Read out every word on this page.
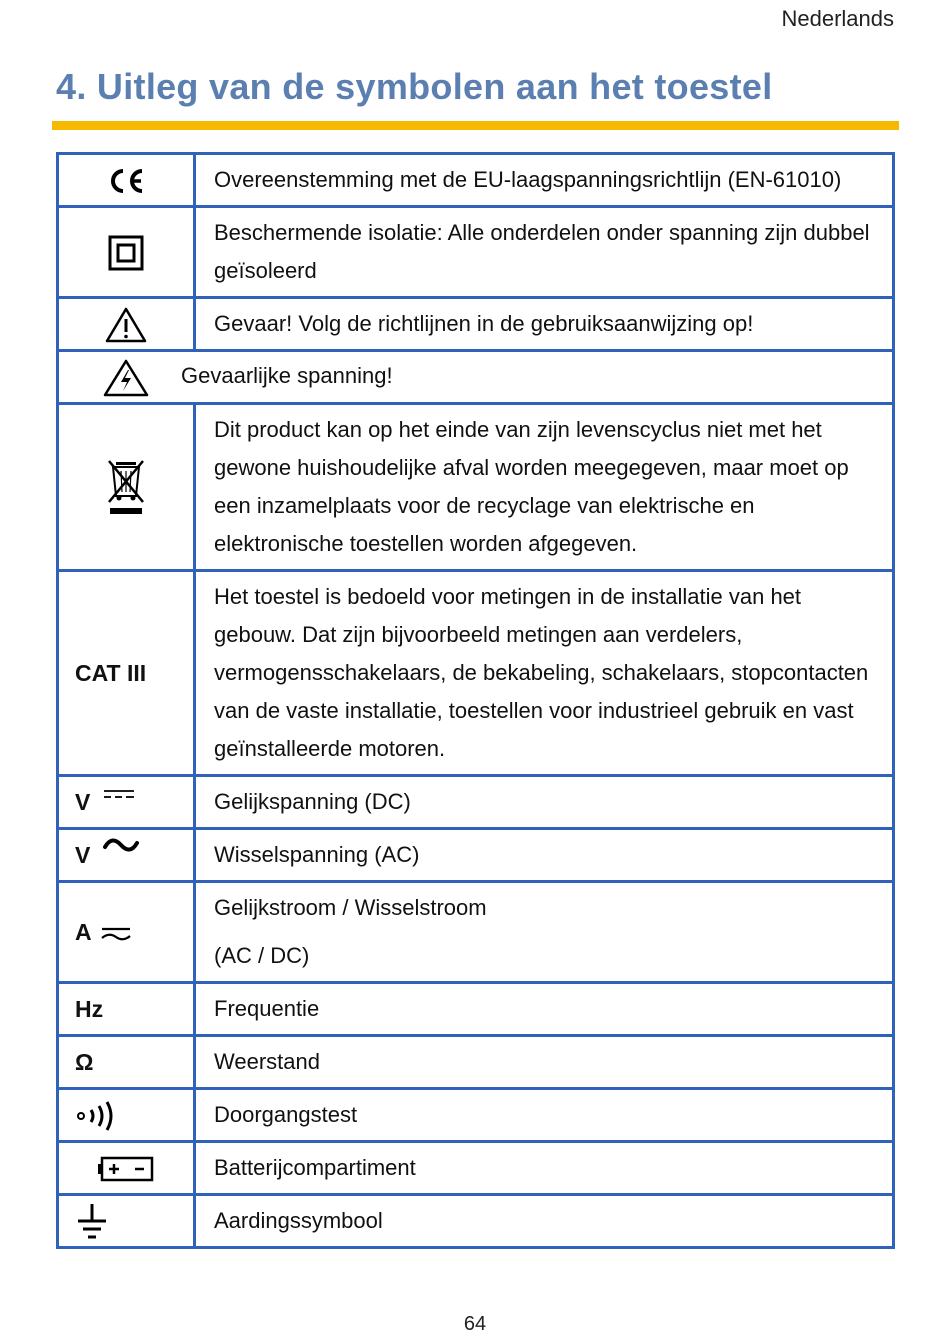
Nederlands
4. Uitleg van de symbolen aan het toestel
	Overeenstemming met de EU-laagspanningsrichtlijn (EN-61010)
	Beschermende isolatie: Alle onderdelen onder spanning zijn dubbel geïsoleerd
	Gevaar! Volg de richtlijnen in de gebruiksaanwijzing op!
Gevaarlijke spanning!	
	Dit product kan op het einde van zijn levenscyclus niet met het gewone huishoudelijke afval worden meegegeven, maar moet op een inzamelplaats voor de recyclage van elektrische en elektronische toestellen worden afgegeven.
CAT III	Het toestel is bedoeld voor metingen in de installatie van het gebouw. Dat zijn bijvoorbeeld metingen aan verdelers, vermogensschakelaars, de bekabeling, schakelaars, stopcontacten van de vaste installatie, toestellen voor industrieel gebruik en vast geïnstalleerde motoren.
V	Gelijkspanning (DC)
V	Wisselspanning (AC)
A	Gelijkstroom / Wisselstroom
(AC / DC)

Hz	Frequentie
Ω	Weerstand
	Doorgangstest
	Batterijcompartiment
	Aardingssymbool
64
